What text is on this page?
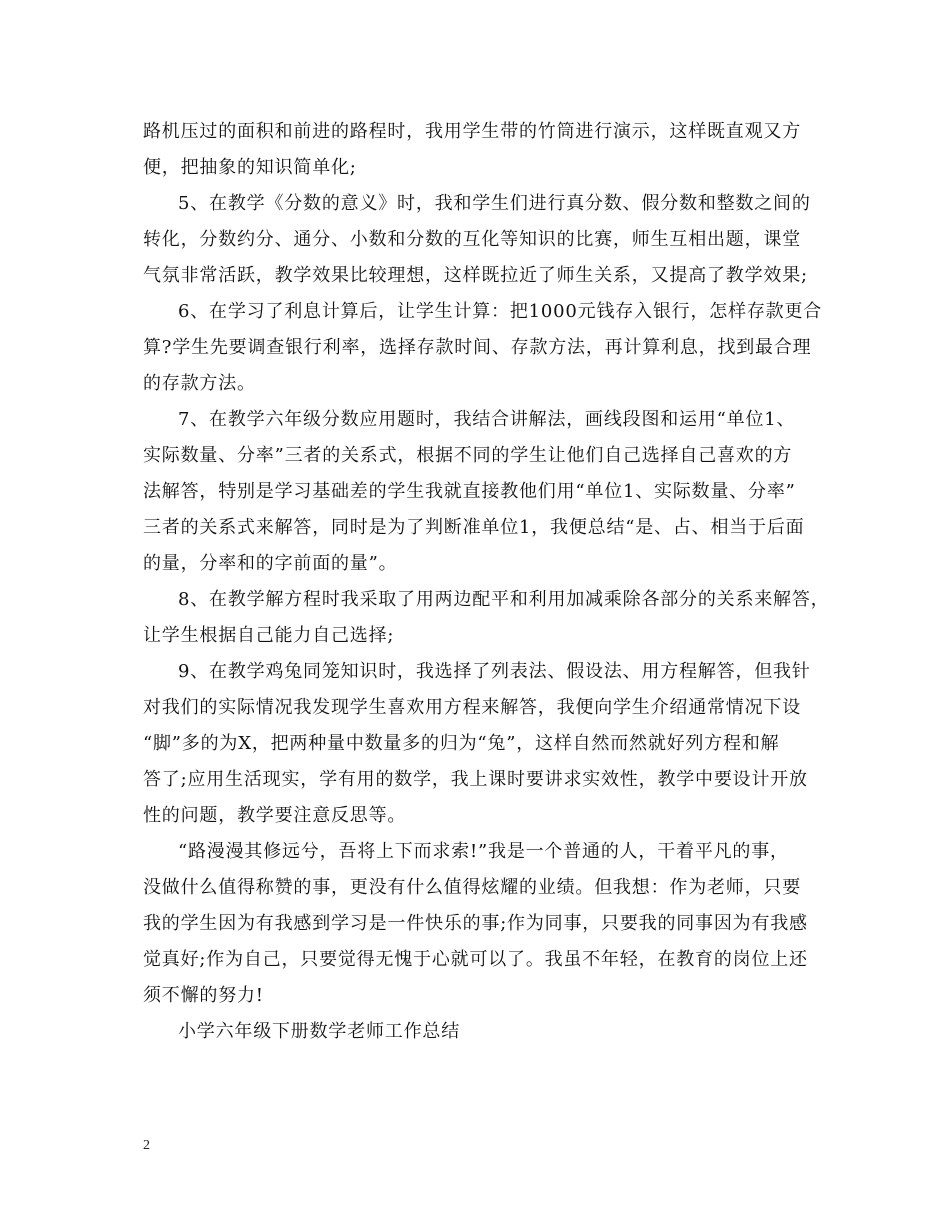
路机压过的面积和前进的路程时，我用学生带的竹筒进行演示，这样既直观又方

便，把抽象的知识简单化;

5、在教学《分数的意义》时，我和学生们进行真分数、假分数和整数之间的

转化，分数约分、通分、小数和分数的互化等知识的比赛，师生互相出题，课堂

气氛非常活跃，教学效果比较理想，这样既拉近了师生关系，又提高了教学效果;

6、在学习了利息计算后，让学生计算：把1000元钱存入银行，怎样存款更合

算?学生先要调查银行利率，选择存款时间、存款方法，再计算利息，找到最合理

的存款方法。

7、在教学六年级分数应用题时，我结合讲解法，画线段图和运用“单位1、

实际数量、分率”三者的关系式，根据不同的学生让他们自己选择自己喜欢的方

法解答，特别是学习基础差的学生我就直接教他们用“单位1、实际数量、分率”

三者的关系式来解答，同时是为了判断准单位1，我便总结“是、占、相当于后面

的量，分率和的字前面的量”。

8、在教学解方程时我采取了用两边配平和利用加减乘除各部分的关系来解答，

让学生根据自己能力自己选择;

9、在教学鸡兔同笼知识时，我选择了列表法、假设法、用方程解答，但我针

对我们的实际情况我发现学生喜欢用方程来解答，我便向学生介绍通常情况下设

“脚”多的为X，把两种量中数量多的归为“兔”，这样自然而然就好列方程和解

答了;应用生活现实，学有用的数学，我上课时要讲求实效性，教学中要设计开放

性的问题，教学要注意反思等。

“路漫漫其修远兮，吾将上下而求索!”我是一个普通的人，干着平凡的事，

没做什么值得称赞的事，更没有什么值得炫耀的业绩。但我想：作为老师，只要

我的学生因为有我感到学习是一件快乐的事;作为同事，只要我的同事因为有我感

觉真好;作为自己，只要觉得无愧于心就可以了。我虽不年轻，在教育的岗位上还

须不懈的努力!

小学六年级下册数学老师工作总结

2
